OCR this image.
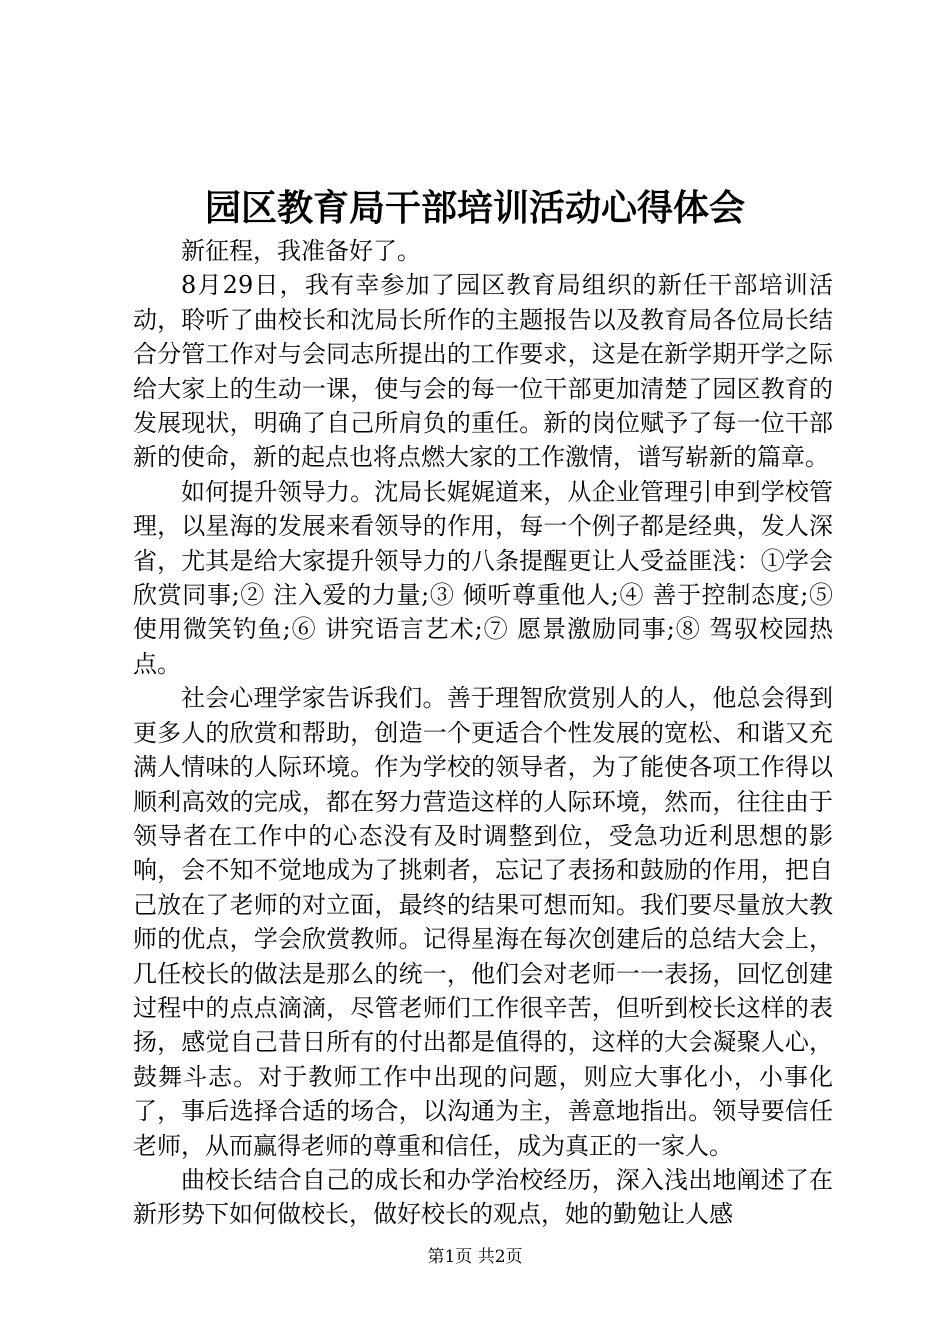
园区教育局干部培训活动心得体会

新征程，我准备好了。

8月29日，我有幸参加了园区教育局组织的新任干部培训活动，聆听了曲校长和沈局长所作的主题报告以及教育局各位局长结合分管工作对与会同志所提出的工作要求，这是在新学期开学之际给大家上的生动一课，使与会的每一位干部更加清楚了园区教育的发展现状，明确了自己所肩负的重任。新的岗位赋予了每一位干部新的使命，新的起点也将点燃大家的工作激情，谱写崭新的篇章。

如何提升领导力。沈局长娓娓道来，从企业管理引申到学校管理，以星海的发展来看领导的作用，每一个例子都是经典，发人深省，尤其是给大家提升领导力的八条提醒更让人受益匪浅：①学会欣赏同事;② 注入爱的力量;③ 倾听尊重他人;④ 善于控制态度;⑤ 使用微笑钓鱼;⑥ 讲究语言艺术;⑦ 愿景激励同事;⑧ 驾驭校园热点。

社会心理学家告诉我们。善于理智欣赏别人的人，他总会得到更多人的欣赏和帮助，创造一个更适合个性发展的宽松、和谐又充满人情味的人际环境。作为学校的领导者，为了能使各项工作得以顺利高效的完成，都在努力营造这样的人际环境，然而，往往由于领导者在工作中的心态没有及时调整到位，受急功近利思想的影响，会不知不觉地成为了挑刺者，忘记了表扬和鼓励的作用，把自己放在了老师的对立面，最终的结果可想而知。我们要尽量放大教师的优点，学会欣赏教师。记得星海在每次创建后的总结大会上，几任校长的做法是那么的统一，他们会对老师一一表扬，回忆创建过程中的点点滴滴，尽管老师们工作很辛苦，但听到校长这样的表扬，感觉自己昔日所有的付出都是值得的，这样的大会凝聚人心，鼓舞斗志。对于教师工作中出现的问题，则应大事化小，小事化了，事后选择合适的场合，以沟通为主，善意地指出。领导要信任老师，从而赢得老师的尊重和信任，成为真正的一家人。

曲校长结合自己的成长和办学治校经历，深入浅出地阐述了在新形势下如何做校长，做好校长的观点，她的勤勉让人感

第1页 共2页
